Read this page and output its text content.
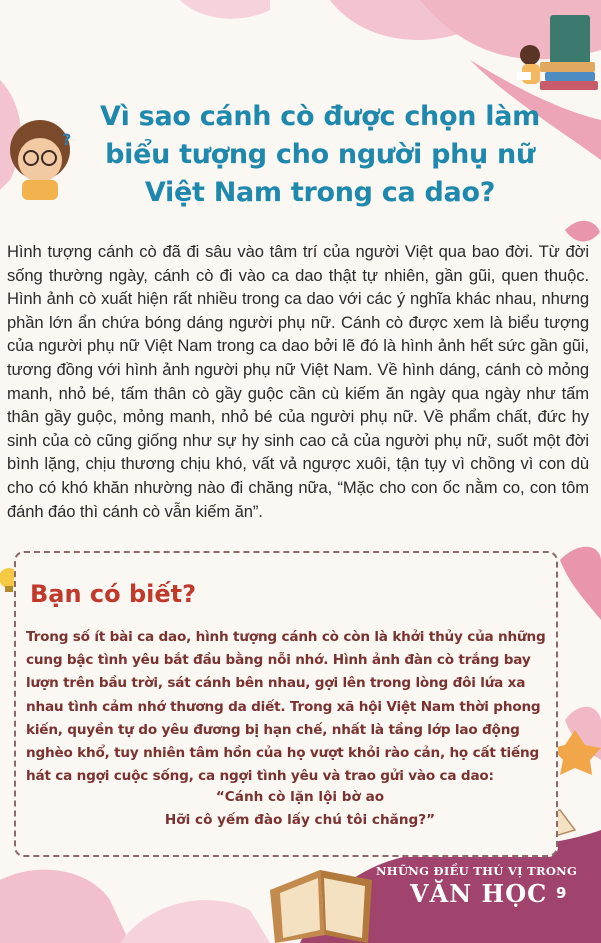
?
Vì sao cánh cò được chọn làm
biểu tượng cho người phụ nữ
Việt Nam trong ca dao?
Hình tượng cánh cò đã đi sâu vào tâm trí của người Việt qua bao đời. Từ đời sống thường ngày, cánh cò đi vào ca dao thật tự nhiên, gần gũi, quen thuộc. Hình ảnh cò xuất hiện rất nhiều trong ca dao với các ý nghĩa khác nhau, nhưng phần lớn ẩn chứa bóng dáng người phụ nữ. Cánh cò được xem là biểu tượng của người phụ nữ Việt Nam trong ca dao bởi lẽ đó là hình ảnh hết sức gần gũi, tương đồng với hình ảnh người phụ nữ Việt Nam. Về hình dáng, cánh cò mỏng manh, nhỏ bé, tấm thân cò gầy guộc cần cù kiếm ăn ngày qua ngày như tấm thân gầy guộc, mỏng manh, nhỏ bé của người phụ nữ. Về phẩm chất, đức hy sinh của cò cũng giống như sự hy sinh cao cả của người phụ nữ, suốt một đời bình lặng, chịu thương chịu khó, vất vả ngược xuôi, tận tụy vì chồng vì con dù cho có khó khăn nhường nào đi chăng nữa, “Mặc cho con ốc nằm co, con tôm đánh đáo thì cánh cò vẫn kiếm ăn”.
Bạn có biết?
Trong số ít bài ca dao, hình tượng cánh cò còn là khởi thủy của những cung bậc tình yêu bắt đầu bằng nỗi nhớ. Hình ảnh đàn cò trắng bay lượn trên bầu trời, sát cánh bên nhau, gợi lên trong lòng đôi lứa xa nhau tình cảm nhớ thương da diết. Trong xã hội Việt Nam thời phong kiến, quyền tự do yêu đương bị hạn chế, nhất là tầng lớp lao động nghèo khổ, tuy nhiên tâm hồn của họ vượt khỏi rào cản, họ cất tiếng hát ca ngợi cuộc sống, ca ngợi tình yêu và trao gửi vào ca dao:
“Cánh cò lặn lội bờ ao
Hỡi cô yếm đào lấy chú tôi chăng?”
NHỮNG ĐIỀU THÚ VỊ TRONG
VĂN HỌC 9
